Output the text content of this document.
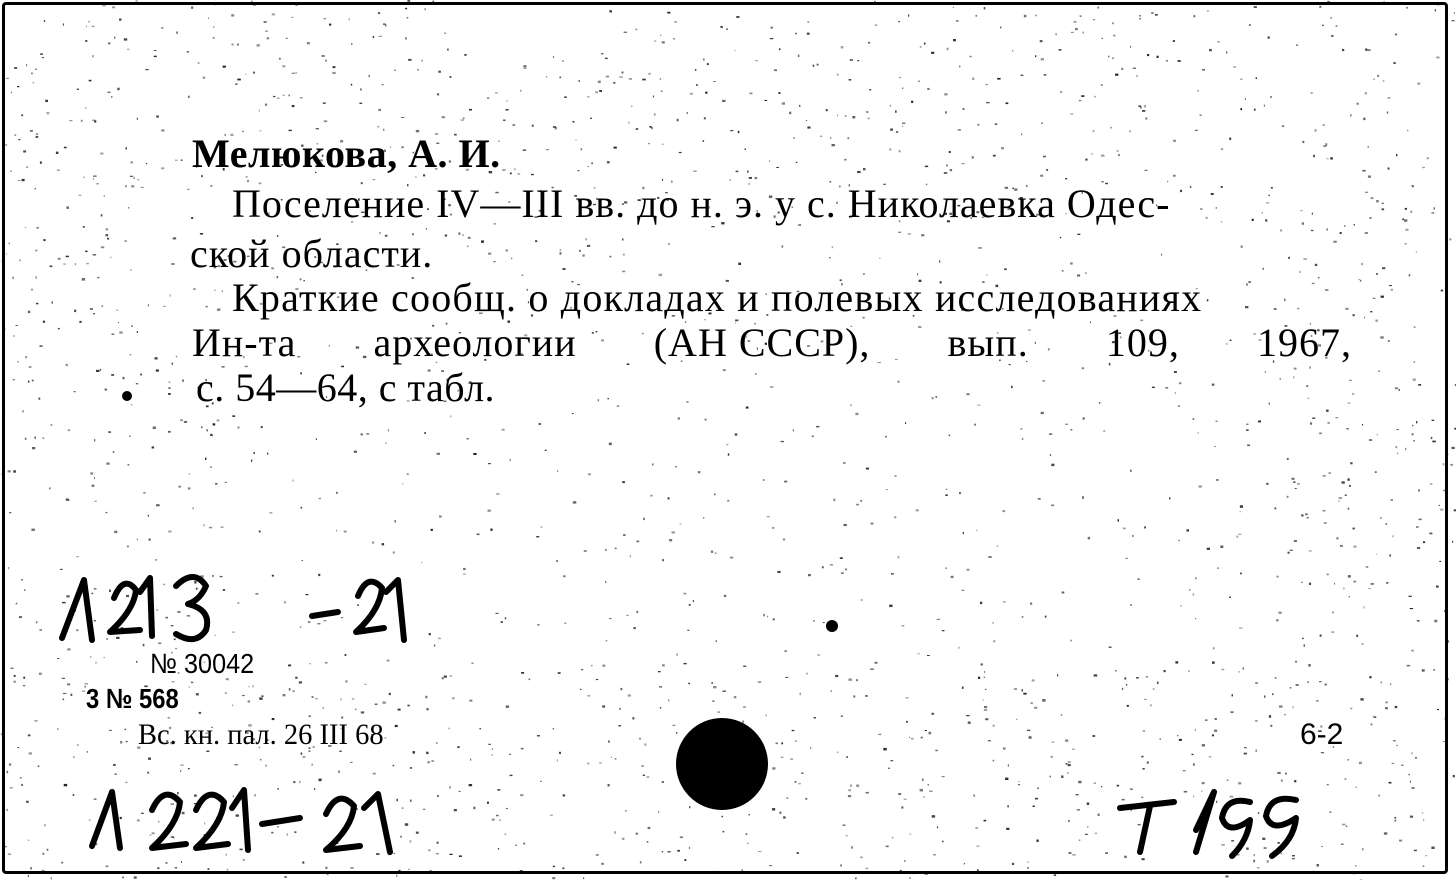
Мелюкова, А. И.
Поселение IV—III вв. до н. э. у с. Николаевка Одес-
ской области.
Краткие сообщ. о докладах и полевых исследованиях
Ин-та археологии (АН СССР), вып. 109, 1967,
с. 54—64, с табл.
№ 30042
3 № 568
Вс. кн. пал. 26 III 68	6-2
